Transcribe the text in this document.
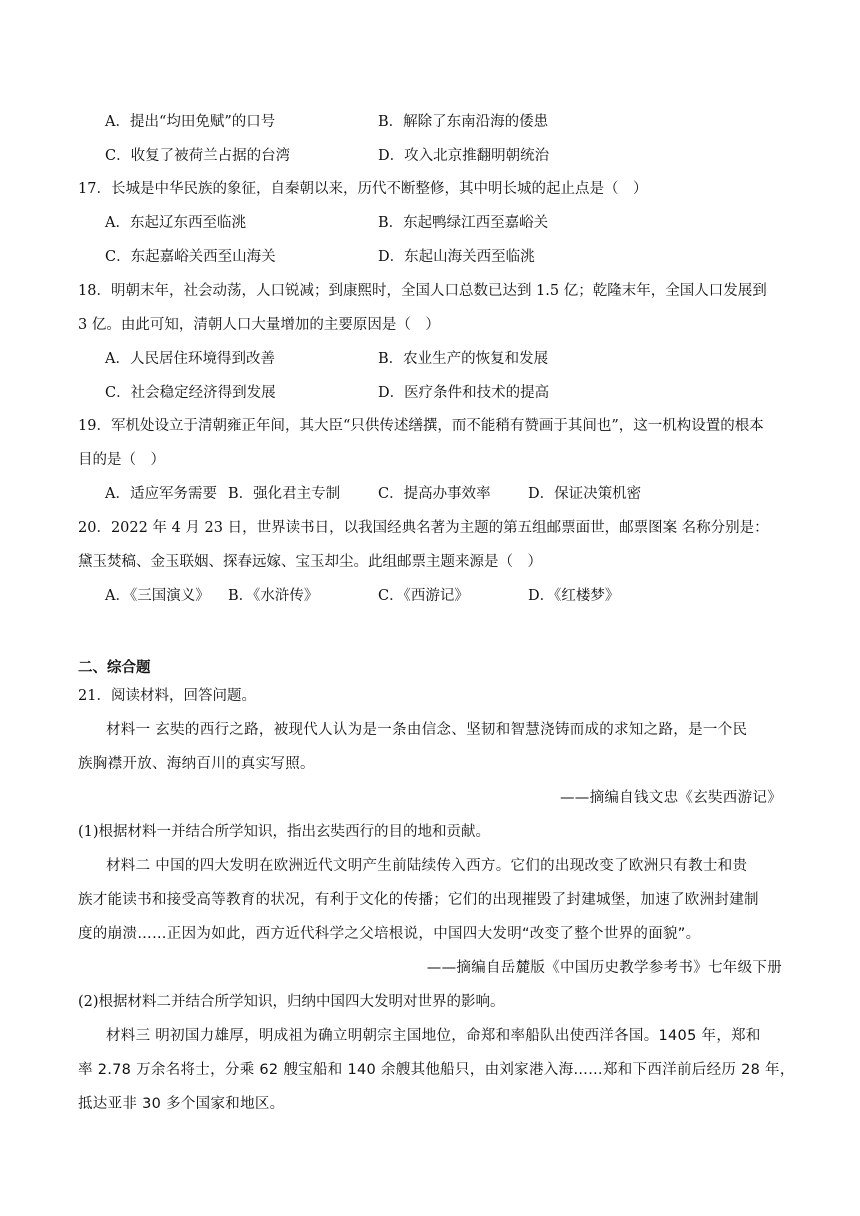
A．提出“均田免赋”的口号	B．解除了东南沿海的倭患
C．收复了被荷兰占据的台湾	D．攻入北京推翻明朝统治
17．长城是中华民族的象征，自秦朝以来，历代不断整修，其中明长城的起止点是（　）
A．东起辽东西至临洮	B．东起鸭绿江西至嘉峪关
C．东起嘉峪关西至山海关	D．东起山海关西至临洮
18．明朝末年，社会动荡，人口锐减；到康熙时，全国人口总数已达到 1.5 亿；乾隆末年，全国人口发展到
3 亿。由此可知，清朝人口大量增加的主要原因是（　）
A．人民居住环境得到改善	B．农业生产的恢复和发展
C．社会稳定经济得到发展	D．医疗条件和技术的提高
19．军机处设立于清朝雍正年间，其大臣“只供传述缮撰，而不能稍有赞画于其间也”，这一机构设置的根本
目的是（　）
A．适应军务需要 B．强化君主专制	C．提高办事效率	D．保证决策机密
20．2022 年 4 月 23 日，世界读书日，以我国经典名著为主题的第五组邮票面世，邮票图案 名称分别是：
黛玉焚稿、金玉联姻、探春远嫁、宝玉却尘。此组邮票主题来源是（　）
A．《三国演义》 B．《水浒传》	C．《西游记》	D．《红楼梦》
二、综合题
21．阅读材料，回答问题。
材料一 玄奘的西行之路，被现代人认为是一条由信念、坚韧和智慧浇铸而成的求知之路，是一个民
族胸襟开放、海纳百川的真实写照。
——摘编自钱文忠《玄奘西游记》
(1)根据材料一并结合所学知识，指出玄奘西行的目的地和贡献。
材料二 中国的四大发明在欧洲近代文明产生前陆续传入西方。它们的出现改变了欧洲只有教士和贵
族才能读书和接受高等教育的状况，有利于文化的传播；它们的出现摧毁了封建城堡，加速了欧洲封建制
度的崩溃……正因为如此，西方近代科学之父培根说，中国四大发明“改变了整个世界的面貌”。
——摘编自岳麓版《中国历史教学参考书》七年级下册
(2)根据材料二并结合所学知识，归纳中国四大发明对世界的影响。
材料三 明初国力雄厚，明成祖为确立明朝宗主国地位，命郑和率船队出使西洋各国。1405 年，郑和
率 2.78 万余名将士，分乘 62 艘宝船和 140 余艘其他船只，由刘家港入海……郑和下西洋前后经历 28 年，
抵达亚非 30 多个国家和地区。
